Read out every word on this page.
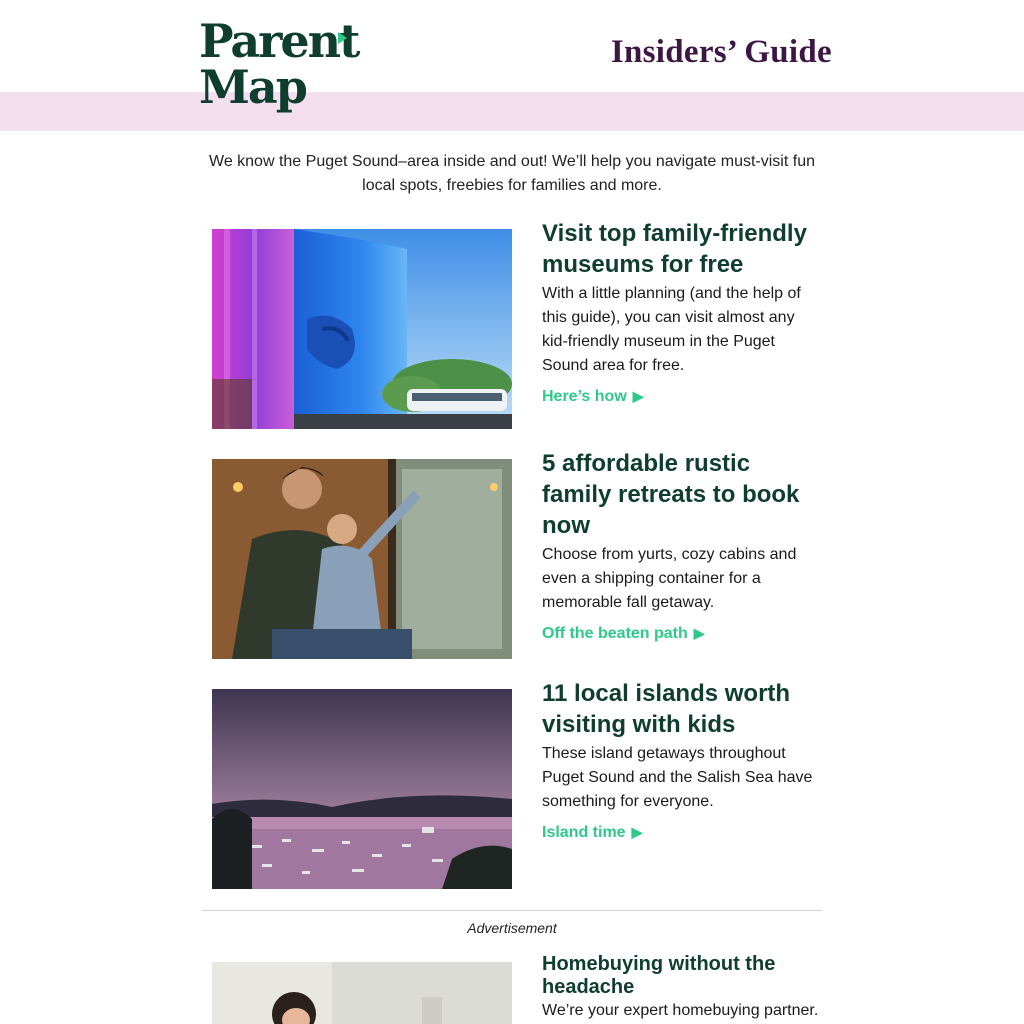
Parent
Map
Insiders’ Guide
We know the Puget Sound–area inside and out! We’ll help you navigate must-visit fun local spots, freebies for families and more.
Visit top family-friendly museums for free

With a little planning (and the help of this guide), you can visit almost any kid-friendly museum in the Puget Sound area for free.

Here’s how ▶
5 affordable rustic family retreats to book now

Choose from yurts, cozy cabins and even a shipping container for a memorable fall getaway.

Off the beaten path ▶
11 local islands worth visiting with kids

These island getaways throughout Puget Sound and the Salish Sea have something for everyone.

Island time ▶
Advertisement
Homebuying without the headache

We’re your expert homebuying partner.
